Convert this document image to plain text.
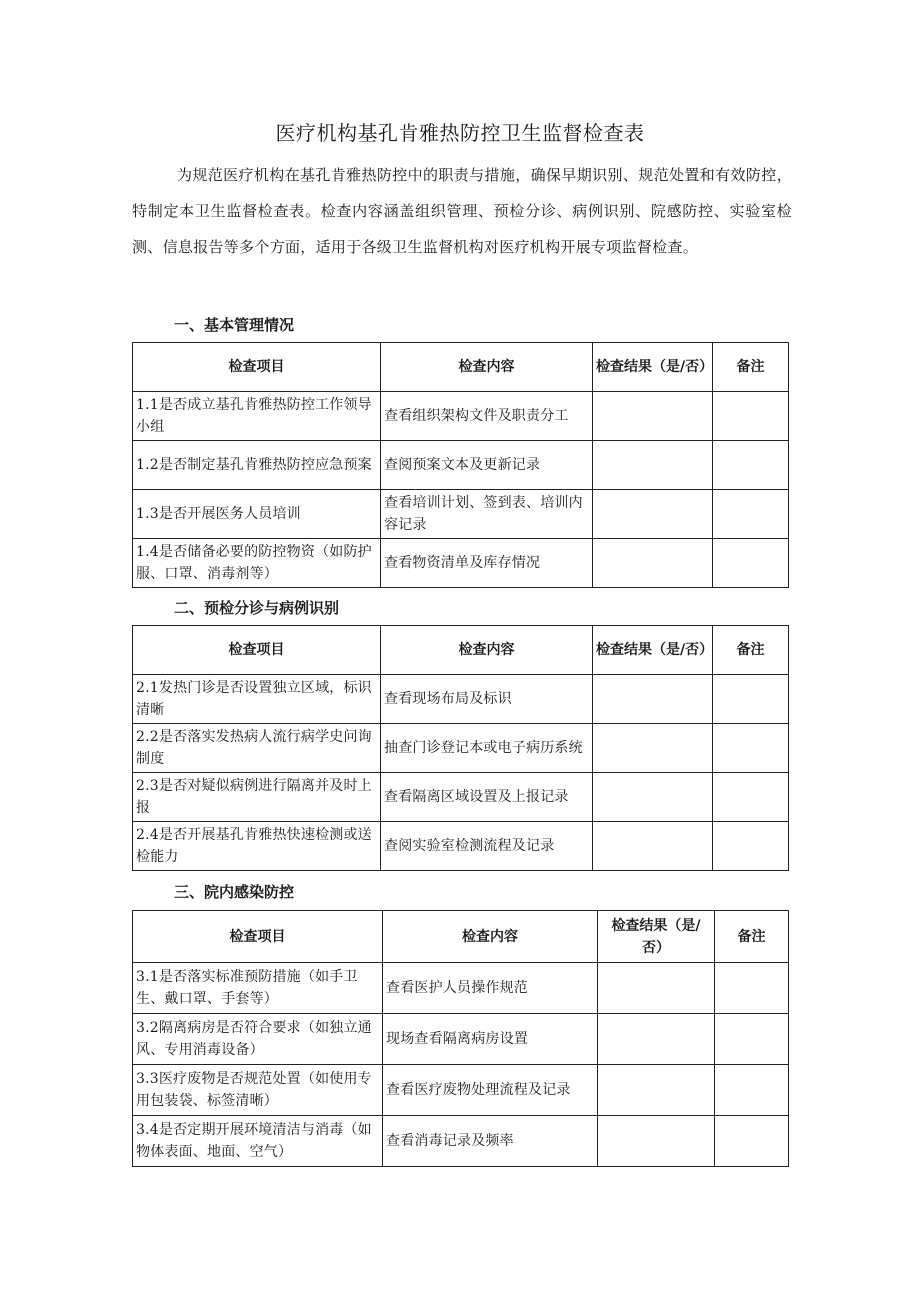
医疗机构基孔肯雅热防控卫生监督检查表
为规范医疗机构在基孔肯雅热防控中的职责与措施，确保早期识别、规范处置和有效防控，特制定本卫生监督检查表。检查内容涵盖组织管理、预检分诊、病例识别、院感防控、实验室检测、信息报告等多个方面，适用于各级卫生监督机构对医疗机构开展专项监督检查。
一、基本管理情况
检查项目	检查内容	检查结果（是/否）	备注
1.1是否成立基孔肯雅热防控工作领导小组	查看组织架构文件及职责分工		
1.2是否制定基孔肯雅热防控应急预案	查阅预案文本及更新记录		
1.3是否开展医务人员培训	查看培训计划、签到表、培训内容记录		
1.4是否储备必要的防控物资（如防护服、口罩、消毒剂等）	查看物资清单及库存情况		
二、预检分诊与病例识别
检查项目	检查内容	检查结果（是/否）	备注
2.1发热门诊是否设置独立区域，标识清晰	查看现场布局及标识		
2.2是否落实发热病人流行病学史问询制度	抽查门诊登记本或电子病历系统		
2.3是否对疑似病例进行隔离并及时上报	查看隔离区域设置及上报记录		
2.4是否开展基孔肯雅热快速检测或送检能力	查阅实验室检测流程及记录		
三、院内感染防控
检查项目	检查内容	检查结果（是/否）	备注
3.1是否落实标准预防措施（如手卫生、戴口罩、手套等）	查看医护人员操作规范		
3.2隔离病房是否符合要求（如独立通风、专用消毒设备）	现场查看隔离病房设置		
3.3医疗废物是否规范处置（如使用专用包装袋、标签清晰）	查看医疗废物处理流程及记录		
3.4是否定期开展环境清洁与消毒（如物体表面、地面、空气）	查看消毒记录及频率		
